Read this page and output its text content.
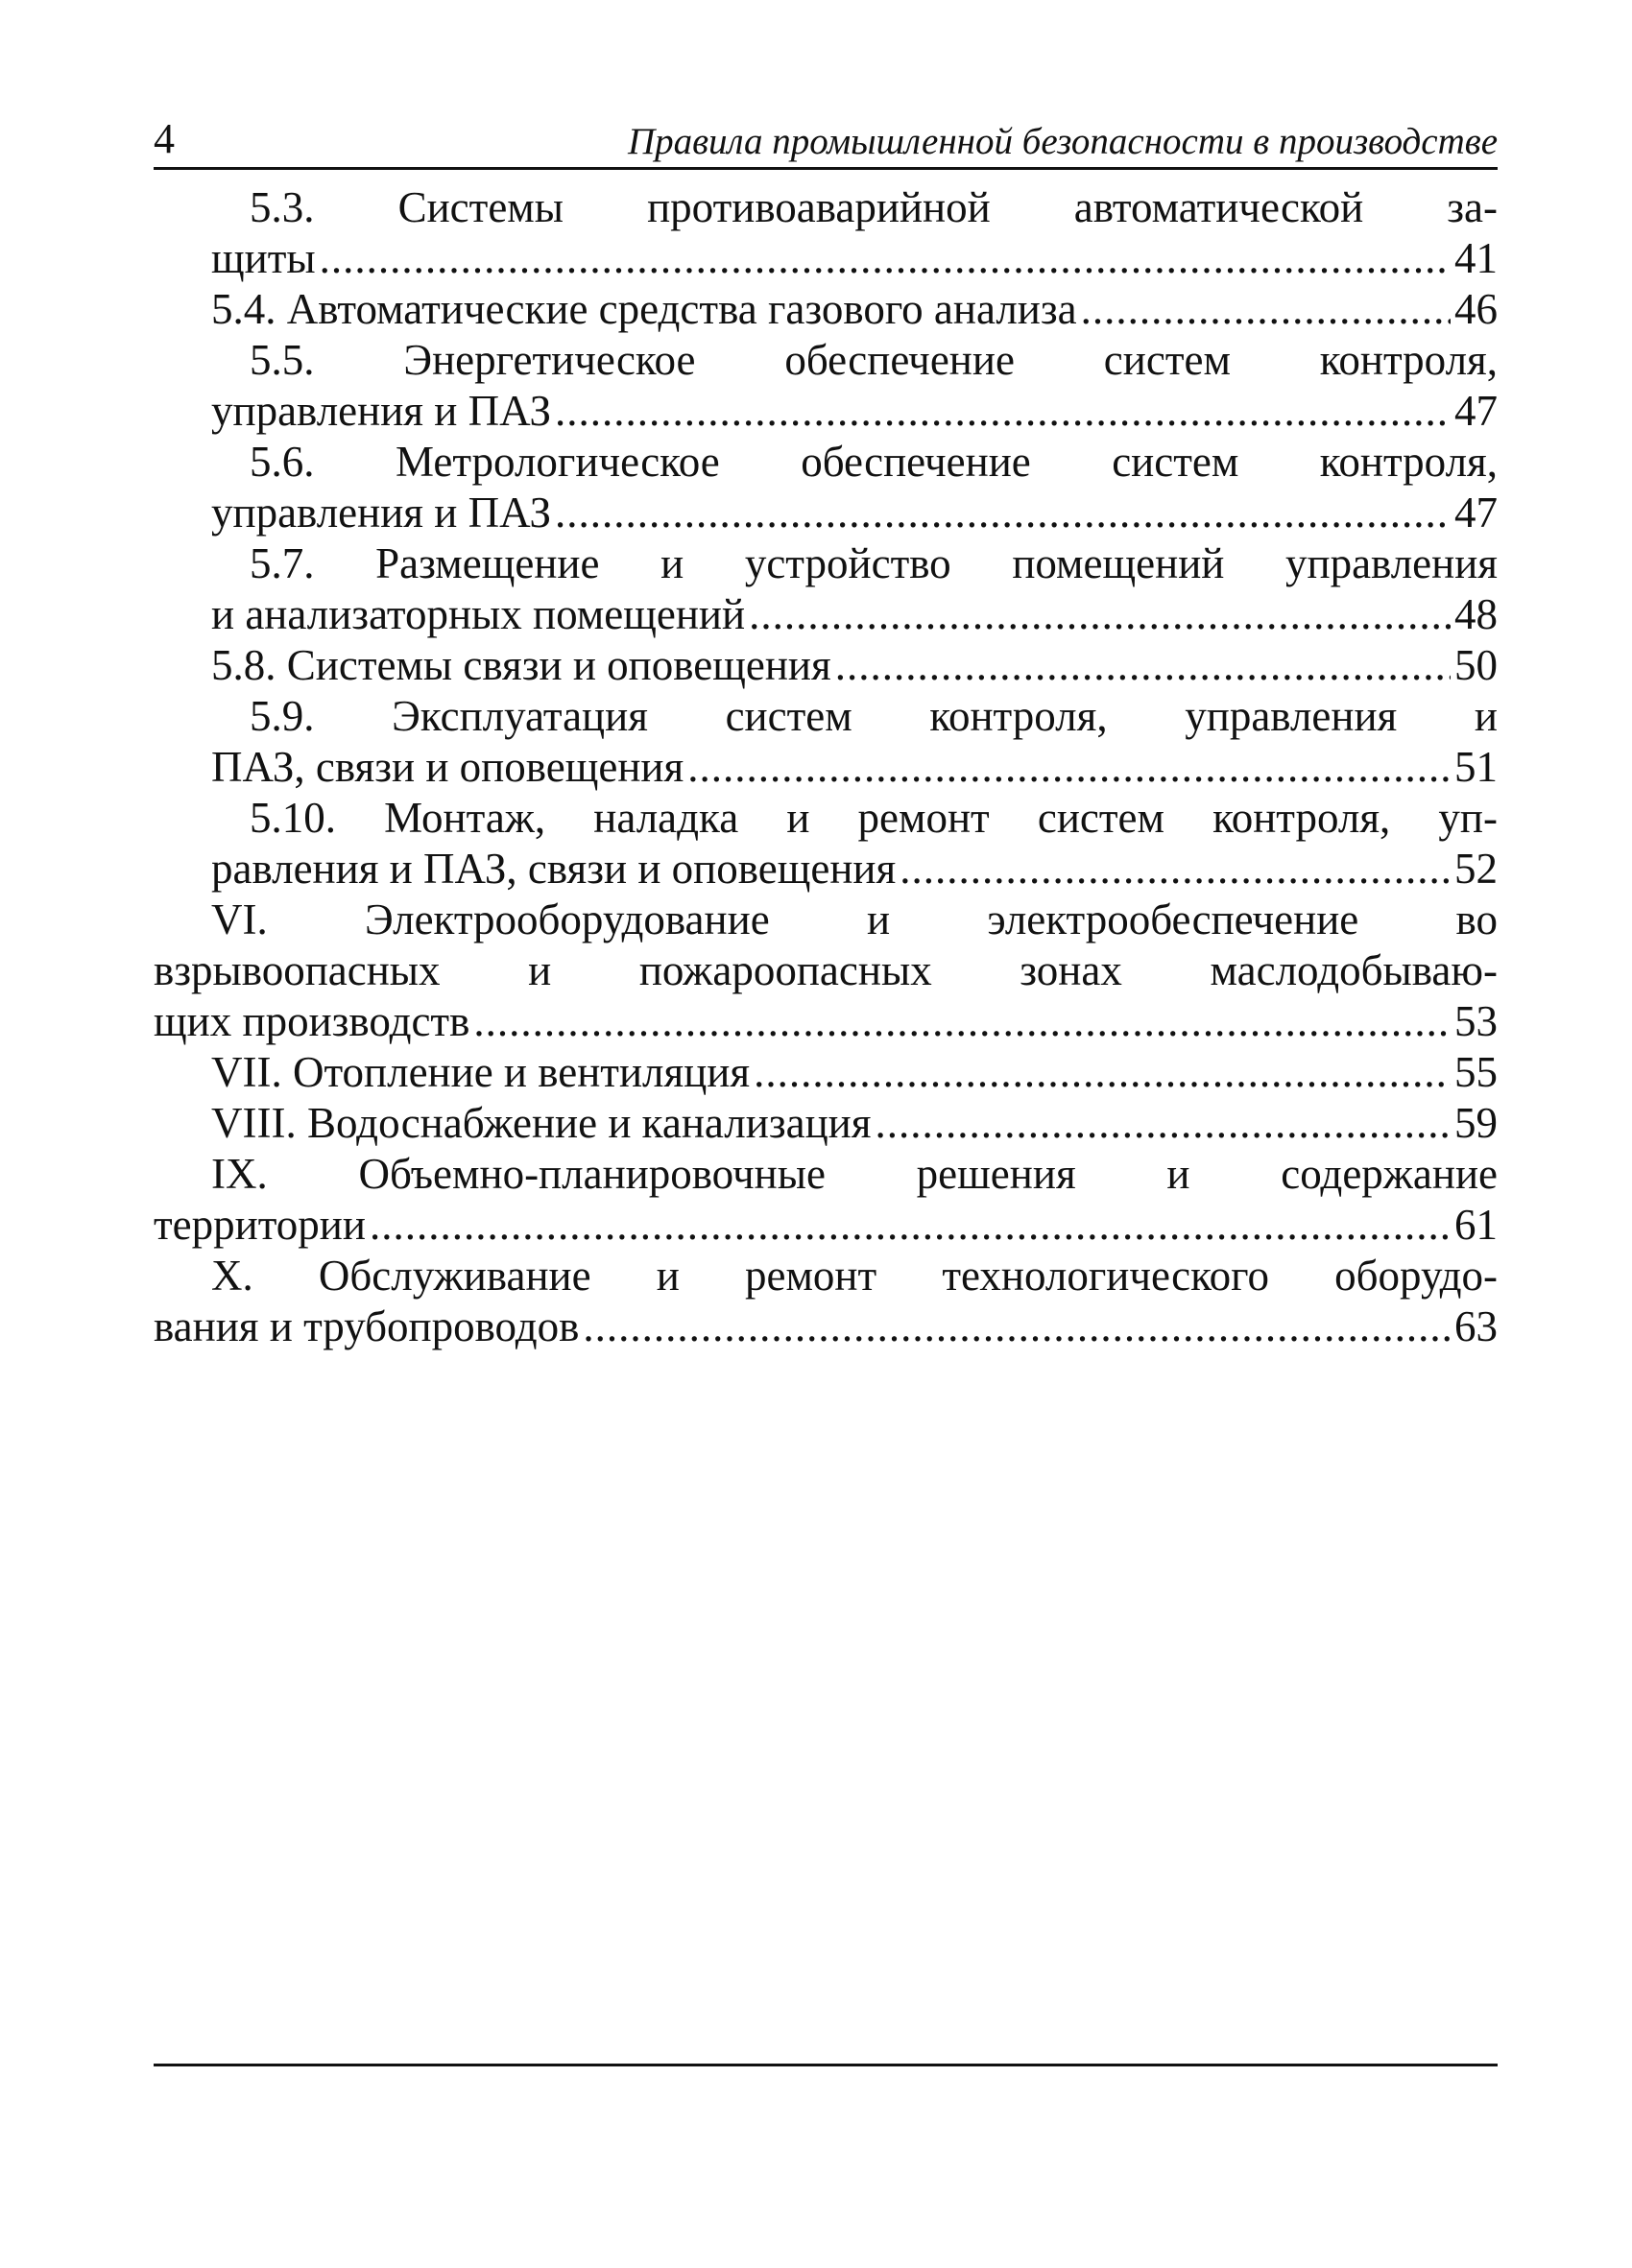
4	Правила промышленной безопасности в производстве
5.3. Системы противоаварийной автоматической за-
щиты .....	41
5.4. Автоматические средства газового анализа .....	46
5.5. Энергетическое обеспечение систем контроля,
управления и ПАЗ .....	47
5.6. Метрологическое обеспечение систем контроля,
управления и ПАЗ .....	47
5.7. Размещение и устройство помещений управления
и анализаторных помещений .....	48
5.8. Системы связи и оповещения .....	50
5.9. Эксплуатация систем контроля, управления и
ПАЗ, связи и оповещения .....	51
5.10. Монтаж, наладка и ремонт систем контроля, уп-
равления и ПАЗ, связи и оповещения .....	52
VI. Электрооборудование и электрообеспечение во
взрывоопасных и пожароопасных зонах маслодобываю-
щих производств .....	53
VII. Отопление и вентиляция .....	55
VIII. Водоснабжение и канализация .....	59
IX. Объемно-планировочные решения и содержание
территории .....	61
X. Обслуживание и ремонт технологического оборудо-
вания и трубопроводов .....	63
